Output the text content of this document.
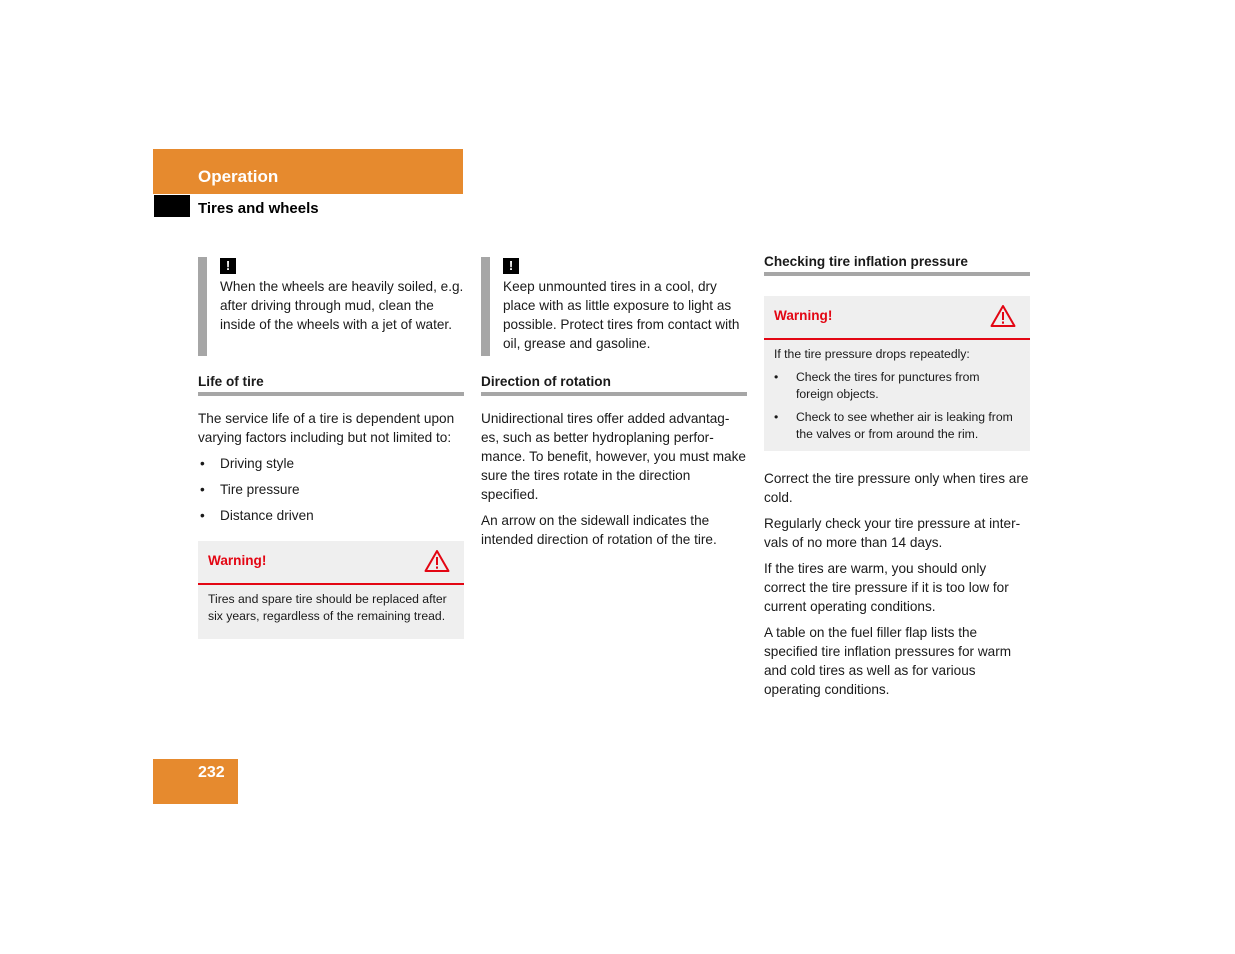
Operation
Tires and wheels
!
When the wheels are heavily soiled, e.g. after driving through mud, clean the inside of the wheels with a jet of water.
Life of tire

The service life of a tire is dependent upon varying factors including but not limited to:

• Driving style
• Tire pressure
• Distance driven
Warning!

Tires and spare tire should be replaced after six years, regardless of the remaining tread.

!
Keep unmounted tires in a cool, dry place with as little exposure to light as possible. Protect tires from contact with oil, grease and gasoline.
Direction of rotation

Unidirectional tires offer added advantag-es, such as better hydroplaning perfor-mance. To benefit, however, you must make sure the tires rotate in the direction specified.

An arrow on the sidewall indicates the intended direction of rotation of the tire.

Checking tire inflation pressure
Warning!

If the tire pressure drops repeatedly:

• Check the tires for punctures from foreign objects.
• Check to see whether air is leaking from the valves or from around the rim.

Correct the tire pressure only when tires are cold.

Regularly check your tire pressure at inter-vals of no more than 14 days.

If the tires are warm, you should only correct the tire pressure if it is too low for current operating conditions.

A table on the fuel filler flap lists the specified tire inflation pressures for warm and cold tires as well as for various operating conditions.

232
